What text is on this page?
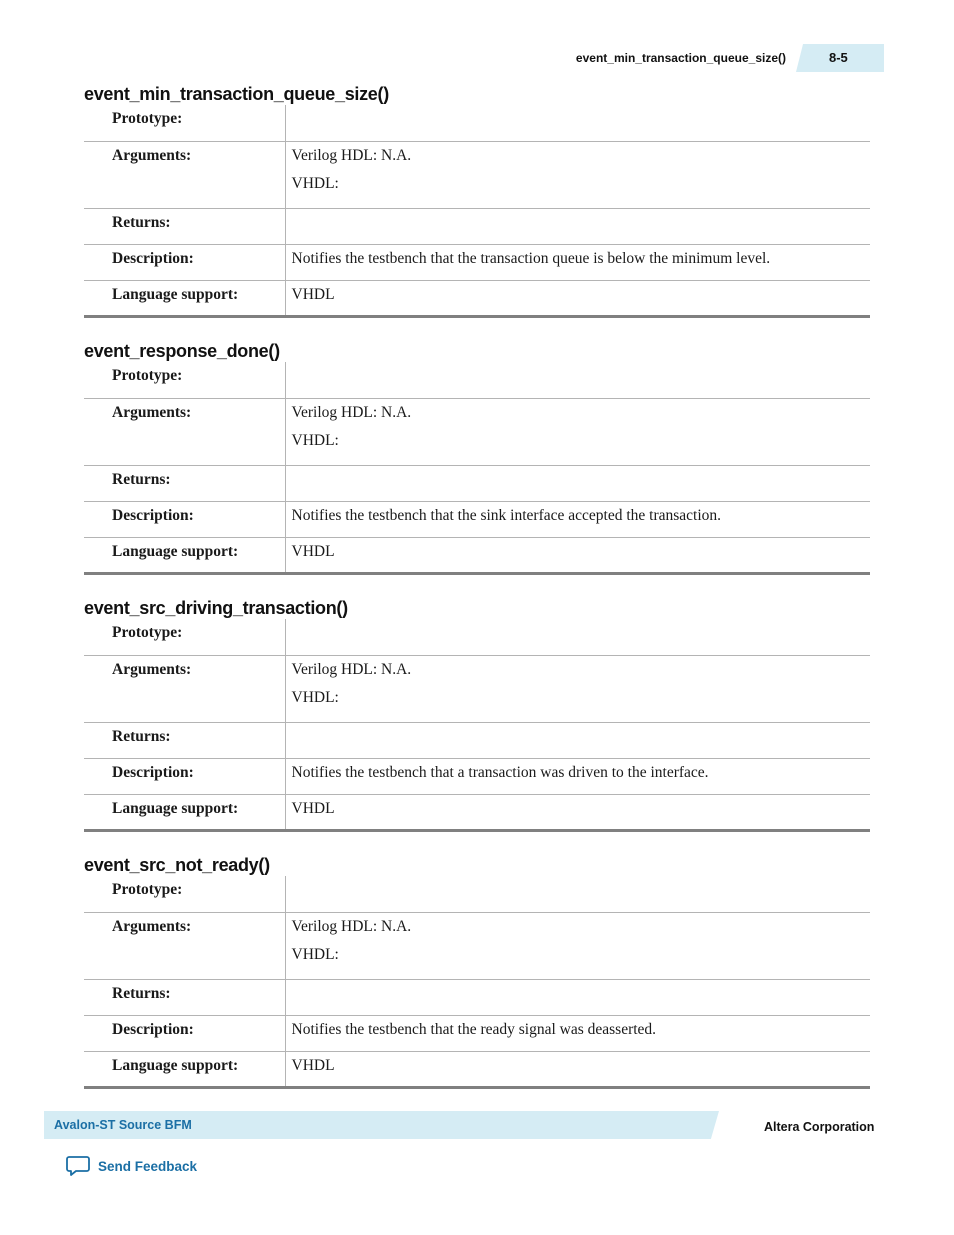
event_min_transaction_queue_size()	8-5
event_min_transaction_queue_size()
Prototype:	

Arguments:	Verilog HDL: N.A.
VHDL:

Returns:	
Description:	Notifies the testbench that the transaction queue is below the minimum level.
Language support:	VHDL
event_response_done()
Prototype:	

Arguments:	Verilog HDL: N.A.
VHDL:

Returns:	
Description:	Notifies the testbench that the sink interface accepted the transaction.
Language support:	VHDL
event_src_driving_transaction()
Prototype:	

Arguments:	Verilog HDL: N.A.
VHDL:

Returns:	
Description:	Notifies the testbench that a transaction was driven to the interface.
Language support:	VHDL
event_src_not_ready()
Prototype:	

Arguments:	Verilog HDL: N.A.
VHDL:

Returns:	
Description:	Notifies the testbench that the ready signal was deasserted.
Language support:	VHDL
Avalon-ST Source BFM	Altera Corporation
Send Feedback
